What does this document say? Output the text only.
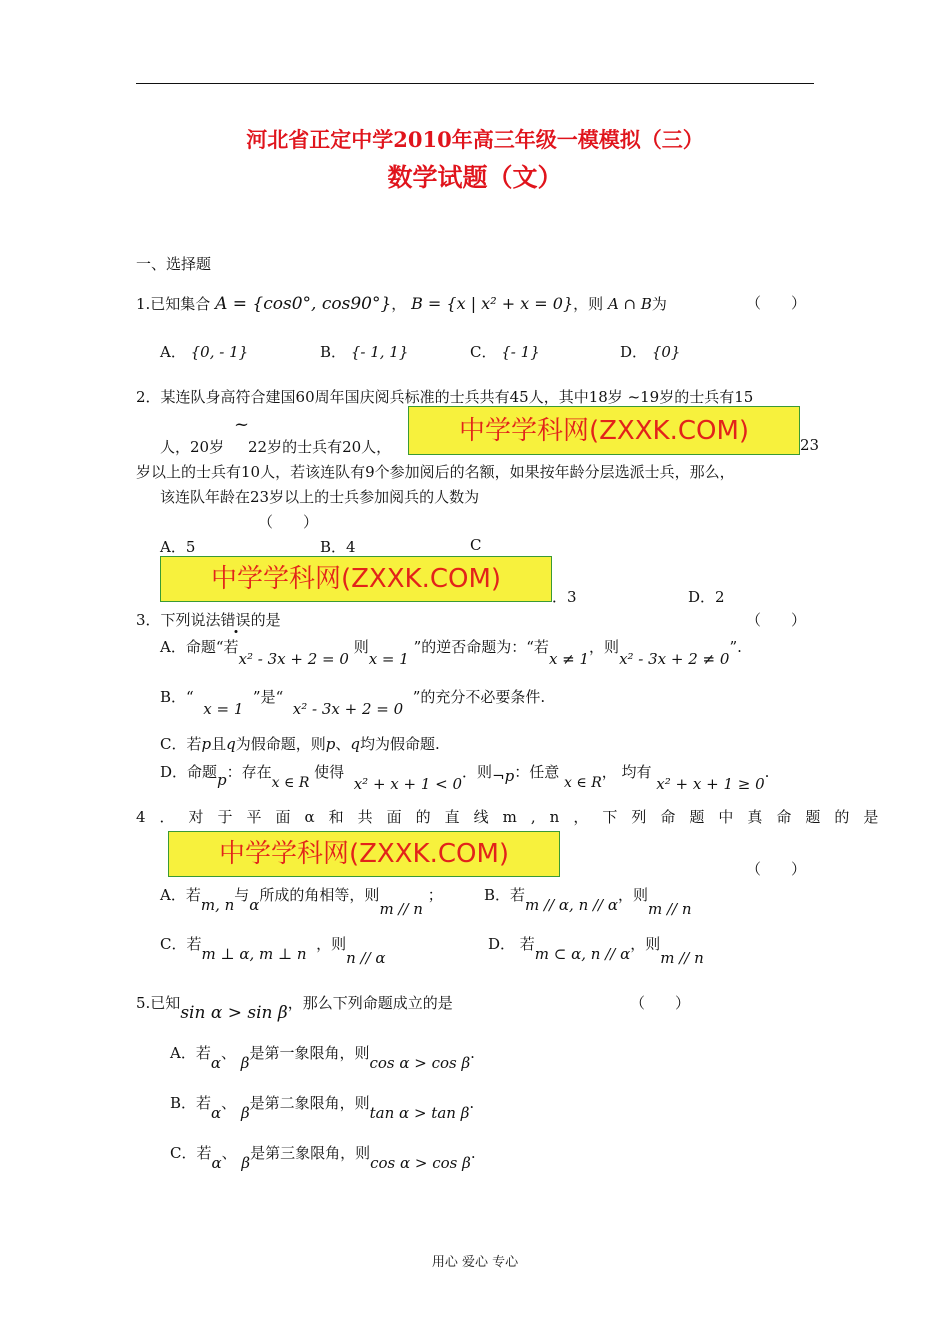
河北省正定中学2010年高三年级一模模拟（三）
数学试题（文）
一、选择题
1.已知集合 A = {cos0°, cos90°}， B = {x | x² + x = 0}，则 A ∩ B为	（　　）
A． {0, - 1}	B． {- 1, 1}	C． {- 1}	D． {0}
2．某连队身高符合建国60周年国庆阅兵标准的士兵共有45人，其中18岁 ~19岁的士兵有15
人，20岁
~
22岁的士兵有20人，
中学学科网(ZXXK.COM)	23
岁以上的士兵有10人，若该连队有9个参加阅后的名额，如果按年龄分层选派士兵，那么，
该连队年龄在23岁以上的士兵参加阅兵的人数为
（　　）
A．5	B．4	C
中学学科网(ZXXK.COM)
．3	D．2
3．下列说法错误的是	（　　）
A．命题“若x² - 3x + 2 = 0 则x = 1 ”的逆否命题为：“若x ≠ 1，则x² - 3x + 2 ≠ 0”.
B．“  x = 1  ”是“  x² - 3x + 2 = 0  ”的充分不必要条件.
C．若p且q为假命题，则p、q均为假命题.
D．命题p：存在x ∈ R 使得  x² + x + 1 < 0．则¬p：任意 x ∈ R， 均有 x² + x + 1 ≥ 0.
4．对于平面α和共面的直线m,n，下列命题中真命题的是
中学学科网(ZXXK.COM)	（　　）
A．若m, n与α所成的角相等，则m // n ；	B．若m // α, n // α，则m // n
C．若m ⊥ α, m ⊥ n  ，则n // α
D． 若m ⊂ α, n // α，则m // n
5.已知sin α > sin β，那么下列命题成立的是	（　　）
A．若α、 β是第一象限角，则cos α > cos β.
B．若α、 β是第二象限角，则tan α > tan β.
C．若α、 β是第三象限角，则cos α > cos β.
用心 爱心 专心
